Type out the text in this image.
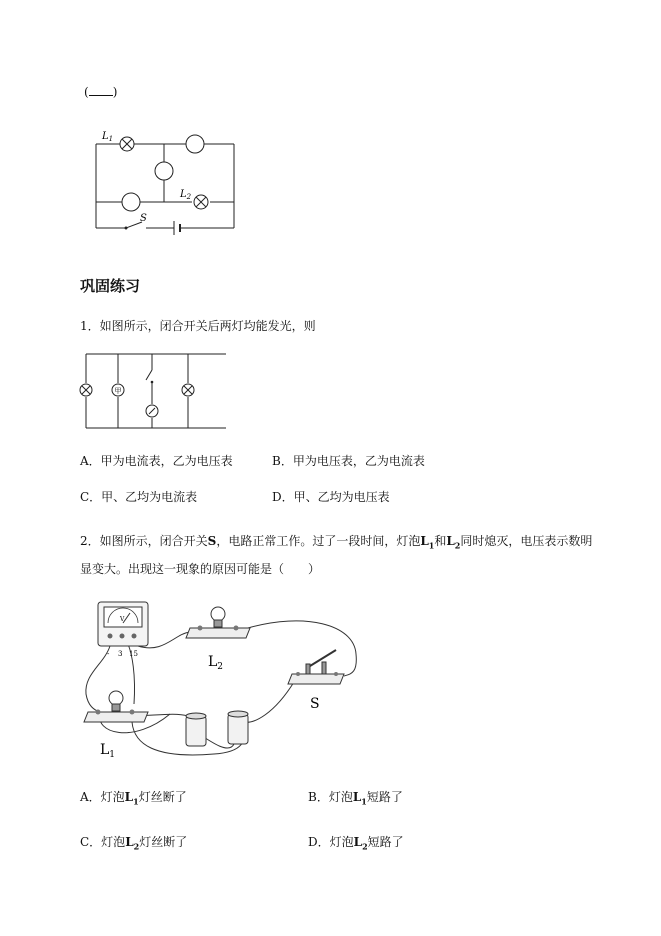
( )
$L_1$
$L_2$
S
巩固练习
1．如图所示，闭合开关后两灯均能发光，则
甲
A．甲为电流表，乙为电压表	B．甲为电压表，乙为电流表
C．甲、乙均为电流表	D．甲、乙均为电压表
2．如图所示，闭合开关S，电路正常工作。过了一段时间，灯泡$L_1$和$L_2$同时熄灭，电压表示数明
显变大。出现这一现象的原因可能是（　　）
V
- 3 15	$L_2$
S
$L_1$
A．灯泡$L_1$灯丝断了	B．灯泡$L_1$短路了
C．灯泡$L_2$灯丝断了	D．灯泡$L_2$短路了
